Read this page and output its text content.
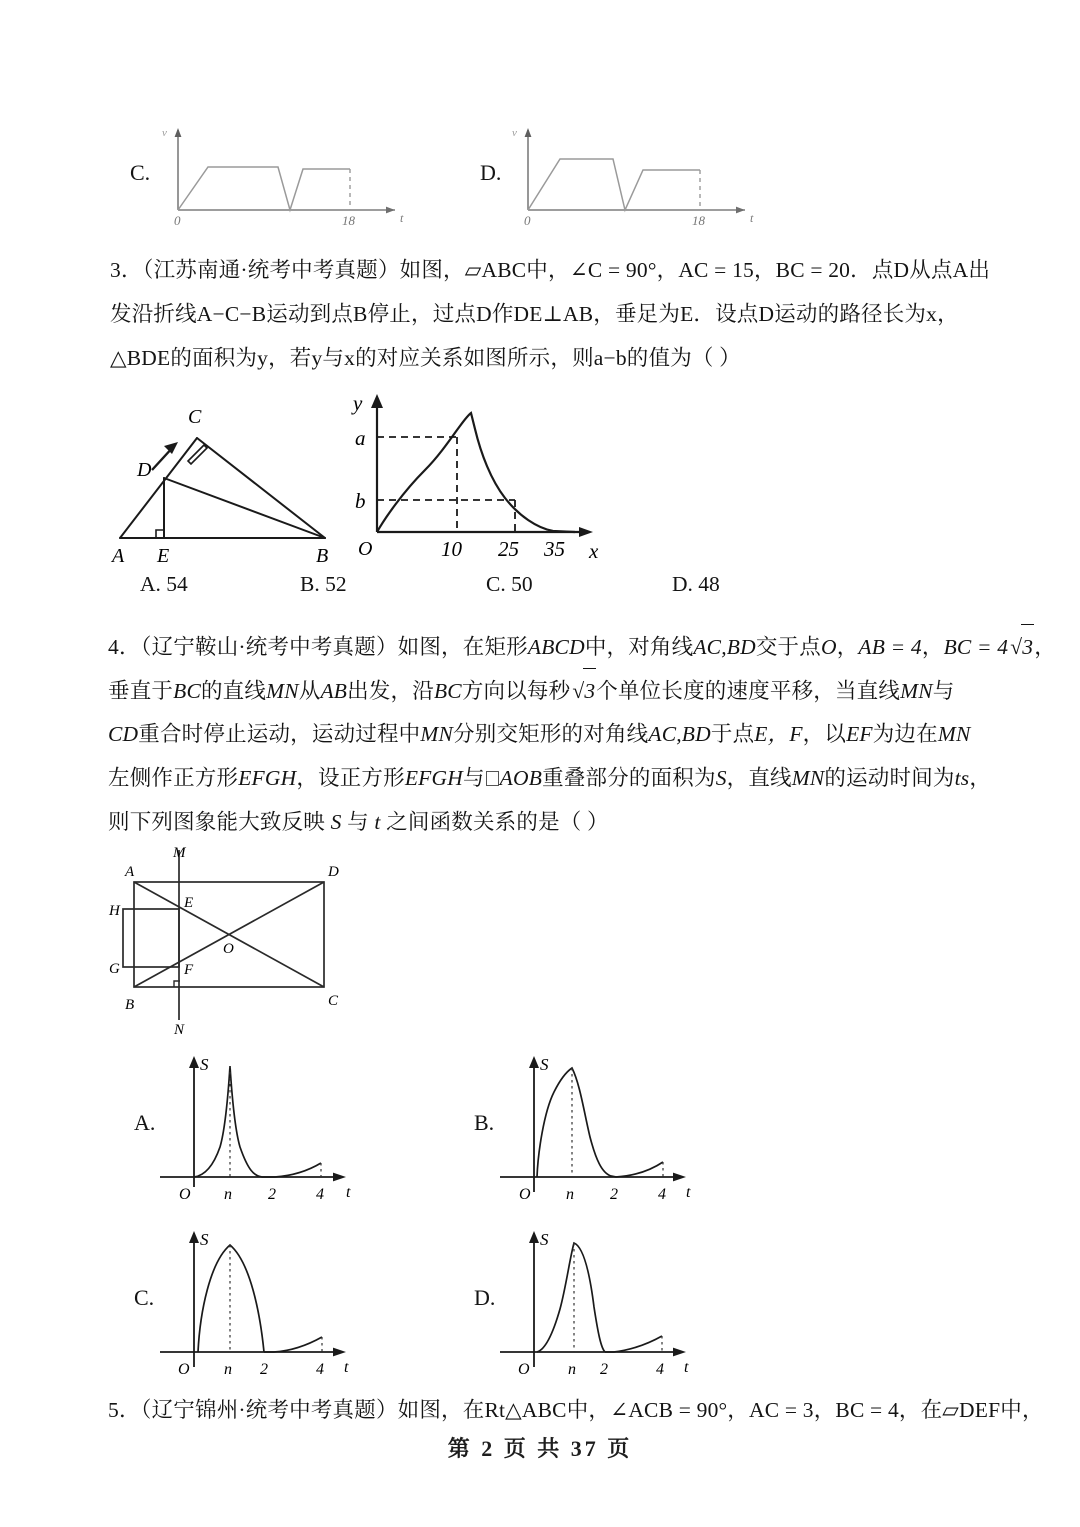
C.
v
0	18	t
D.
v
0	18	t
3．（江苏南通·统考中考真题）如图，▱ABC中，∠C = 90°，AC = 15，BC = 20．点D从点A出
发沿折线A−C−B运动到点B停止，过点D作DE⊥AB，垂足为E．设点D运动的路径长为x，
△BDE的面积为y，若y与x的对应关系如图所示，则a−b的值为（ ）
A E	B
C
D
y
x
O
a
b
10 25 35
A. 54	B. 52	C. 50	D. 48
4．（辽宁鞍山·统考中考真题）如图，在矩形ABCD中，对角线AC,BD交于点O，AB = 4，BC = 4√3，
垂直于BC的直线MN从AB出发，沿BC方向以每秒√3个单位长度的速度平移，当直线MN与
CD重合时停止运动，运动过程中MN分别交矩形的对角线AC,BD于点E，F，以EF为边在MN
左侧作正方形EFGH，设正方形EFGH与 AOB重叠部分的面积为S，直线MN的运动时间为ts，
则下列图象能大致反映 S 与 t 之间函数关系的是（ ）
A	D
B	C
M
N
E
F
G
H
O
A.
S
O n 2	4 t
B.
S
O n 2	4 t
C.
S
O n 2	4 t
D.
S
O n 2	4 t
5．（辽宁锦州·统考中考真题）如图，在Rt△ABC中，∠ACB = 90°，AC = 3，BC = 4，在▱DEF中，
第 2 页 共 37 页
